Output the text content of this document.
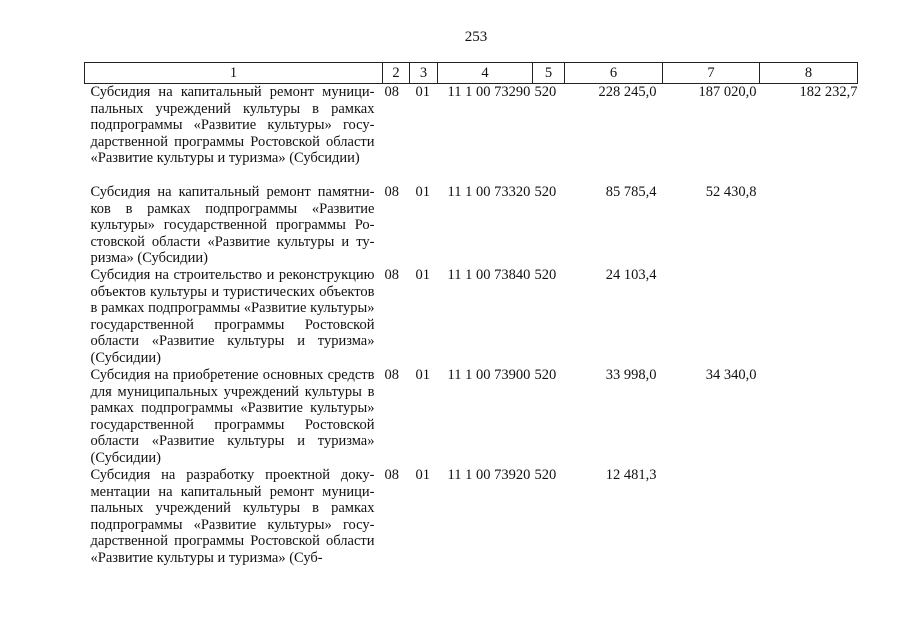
253
1	2	3	4	5	6	7	8
Субсидия на капитальный ремонт муниципальных учреждений культуры в рамках подпрограммы «Развитие культуры» государственной программы Ростовской области «Развитие культуры и туризма» (Субсидии)	08	01	11 1 00 73290	520	228 245,0	187 020,0	182 232,7
Субсидия на капитальный ремонт памятников в рамках подпрограммы «Развитие культуры» государственной программы Ростовской области «Развитие культуры и туризма» (Субсидии)	08	01	11 1 00 73320	520	85 785,4	52 430,8	
Субсидия на строительство и реконструкцию объектов культуры и туристических объектов в рамках подпрограммы «Развитие культуры» государственной программы Ростовской области «Развитие культуры и туризма» (Субсидии)	08	01	11 1 00 73840	520	24 103,4		
Субсидия на приобретение основных средств для муниципальных учреждений культуры в рамках подпрограммы «Развитие культуры» государственной программы Ростовской области «Развитие культуры и туризма» (Субсидии)	08	01	11 1 00 73900	520	33 998,0	34 340,0	
Субсидия на разработку проектной документации на капитальный ремонт муниципальных учреждений культуры в рамках подпрограммы «Развитие культуры» государственной программы Ростовской области «Развитие культуры и туризма» (Суб-	08	01	11 1 00 73920	520	12 481,3		
